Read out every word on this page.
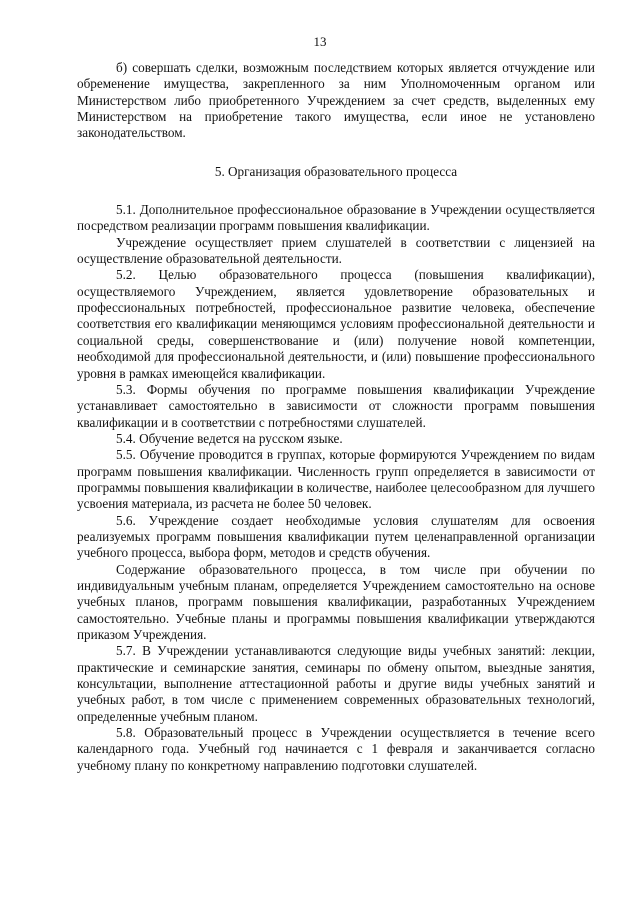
13

б) совершать сделки, возможным последствием которых является отчуждение или обременение имущества, закрепленного за ним Уполномоченным органом или Министерством либо приобретенного Учреждением за счет средств, выделенных ему Министерством на приобретение такого имущества, если иное не установлено законодательством.

5. Организация образовательного процесса

5.1. Дополнительное профессиональное образование в Учреждении осуществляется посредством реализации программ повышения квалификации.

Учреждение осуществляет прием слушателей в соответствии с лицензией на осуществление образовательной деятельности.

5.2. Целью образовательного процесса (повышения квалификации), осуществляемого Учреждением, является удовлетворение образовательных и профессиональных потребностей, профессиональное развитие человека, обеспечение соответствия его квалификации меняющимся условиям профессиональной деятельности и социальной среды, совершенствование и (или) получение новой компетенции, необходимой для профессиональной деятельности, и (или) повышение профессионального уровня в рамках имеющейся квалификации.

5.3. Формы обучения по программе повышения квалификации Учреждение устанавливает самостоятельно в зависимости от сложности программ повышения квалификации и в соответствии с потребностями слушателей.

5.4. Обучение ведется на русском языке.

5.5. Обучение проводится в группах, которые формируются Учреждением по видам программ повышения квалификации. Численность групп определяется в зависимости от программы повышения квалификации в количестве, наиболее целесообразном для лучшего усвоения материала, из расчета не более 50 человек.

5.6. Учреждение создает необходимые условия слушателям для освоения реализуемых программ повышения квалификации путем целенаправленной организации учебного процесса, выбора форм, методов и средств обучения.

Содержание образовательного процесса, в том числе при обучении по индивидуальным учебным планам, определяется Учреждением самостоятельно на основе учебных планов, программ повышения квалификации, разработанных Учреждением самостоятельно. Учебные планы и программы повышения квалификации утверждаются приказом Учреждения.

5.7. В Учреждении устанавливаются следующие виды учебных занятий: лекции, практические и семинарские занятия, семинары по обмену опытом, выездные занятия, консультации, выполнение аттестационной работы и другие виды учебных занятий и учебных работ, в том числе с применением современных образовательных технологий, определенные учебным планом.

5.8. Образовательный процесс в Учреждении осуществляется в течение всего календарного года. Учебный год начинается с 1 февраля и заканчивается согласно учебному плану по конкретному направлению подготовки слушателей.
